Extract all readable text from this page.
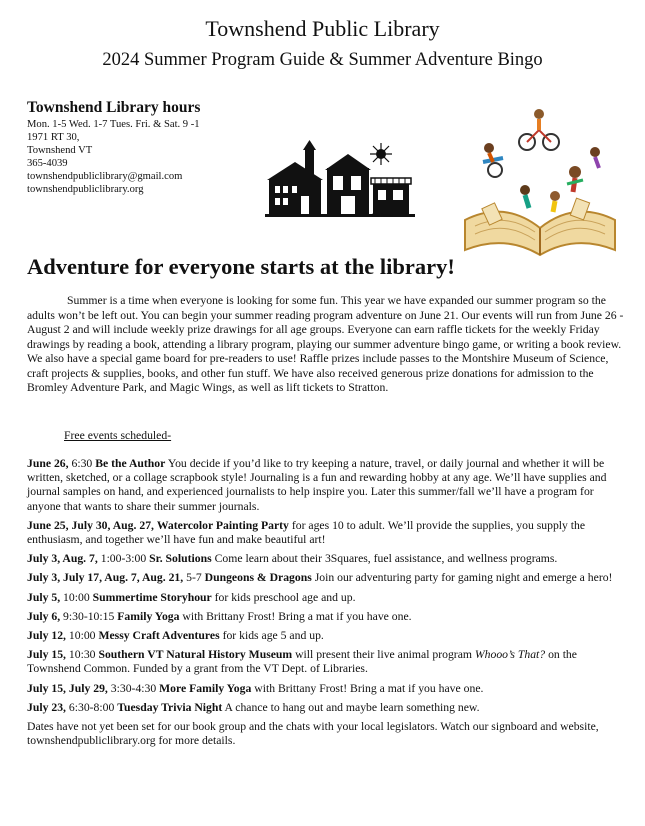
Townshend Public Library
2024 Summer Program Guide & Summer Adventure Bingo
Townshend Library hours
Mon. 1-5 Wed. 1-7 Tues. Fri. & Sat. 9 -1
1971 RT 30,
Townshend VT
365-4039
townshendpubliclibrary@gmail.com
townshendpubliclibrary.org
Lee Peters
Adventure for everyone starts at the library!
Summer is a time when everyone is looking for some fun. This year we have expanded our summer program so the adults won’t be left out. You can begin your summer reading program adventure on June 21. Our events will run from June 26 - August 2 and will include weekly prize drawings for all age groups. Everyone can earn raffle tickets for the weekly Friday drawings by reading a book, attending a library program, playing our summer adventure bingo game, or writing a book review. We also have a special game board for pre-readers to use! Raffle prizes include passes to the Montshire Museum of Science, craft projects & supplies, books, and other fun stuff. We have also received generous prize donations for admission to the Bromley Adventure Park, and Magic Wings, as well as lift tickets to Stratton.
Free events scheduled-

June 26, 6:30 Be the Author You decide if you’d like to try keeping a nature, travel, or daily journal and whether it will be written, sketched, or a collage scrapbook style! Journaling is a fun and rewarding hobby at any age. We’ll have supplies and journal samples on hand, and experienced journalists to help inspire you. Later this summer/fall we’ll have a program for anyone that wants to share their summer journals.

June 25, July 30, Aug. 27, Watercolor Painting Party for ages 10 to adult. We’ll provide the supplies, you supply the enthusiasm, and together we’ll have fun and make beautiful art!

July 3, Aug. 7, 1:00-3:00 Sr. Solutions Come learn about their 3Squares, fuel assistance, and wellness programs.

July 3, July 17, Aug. 7, Aug. 21, 5-7 Dungeons & Dragons Join our adventuring party for gaming night and emerge a hero!

July 5, 10:00 Summertime Storyhour for kids preschool age and up.

July 6, 9:30-10:15 Family Yoga with Brittany Frost! Bring a mat if you have one.

July 12, 10:00 Messy Craft Adventures for kids age 5 and up.

July 15, 10:30 Southern VT Natural History Museum will present their live animal program Whooo’s That? on the Townshend Common. Funded by a grant from the VT Dept. of Libraries.

July 15, July 29, 3:30-4:30 More Family Yoga with Brittany Frost! Bring a mat if you have one.

July 23, 6:30-8:00 Tuesday Trivia Night A chance to hang out and maybe learn something new.

Dates have not yet been set for our book group and the chats with your local legislators. Watch our signboard and website, townshendpubliclibrary.org for more details.
